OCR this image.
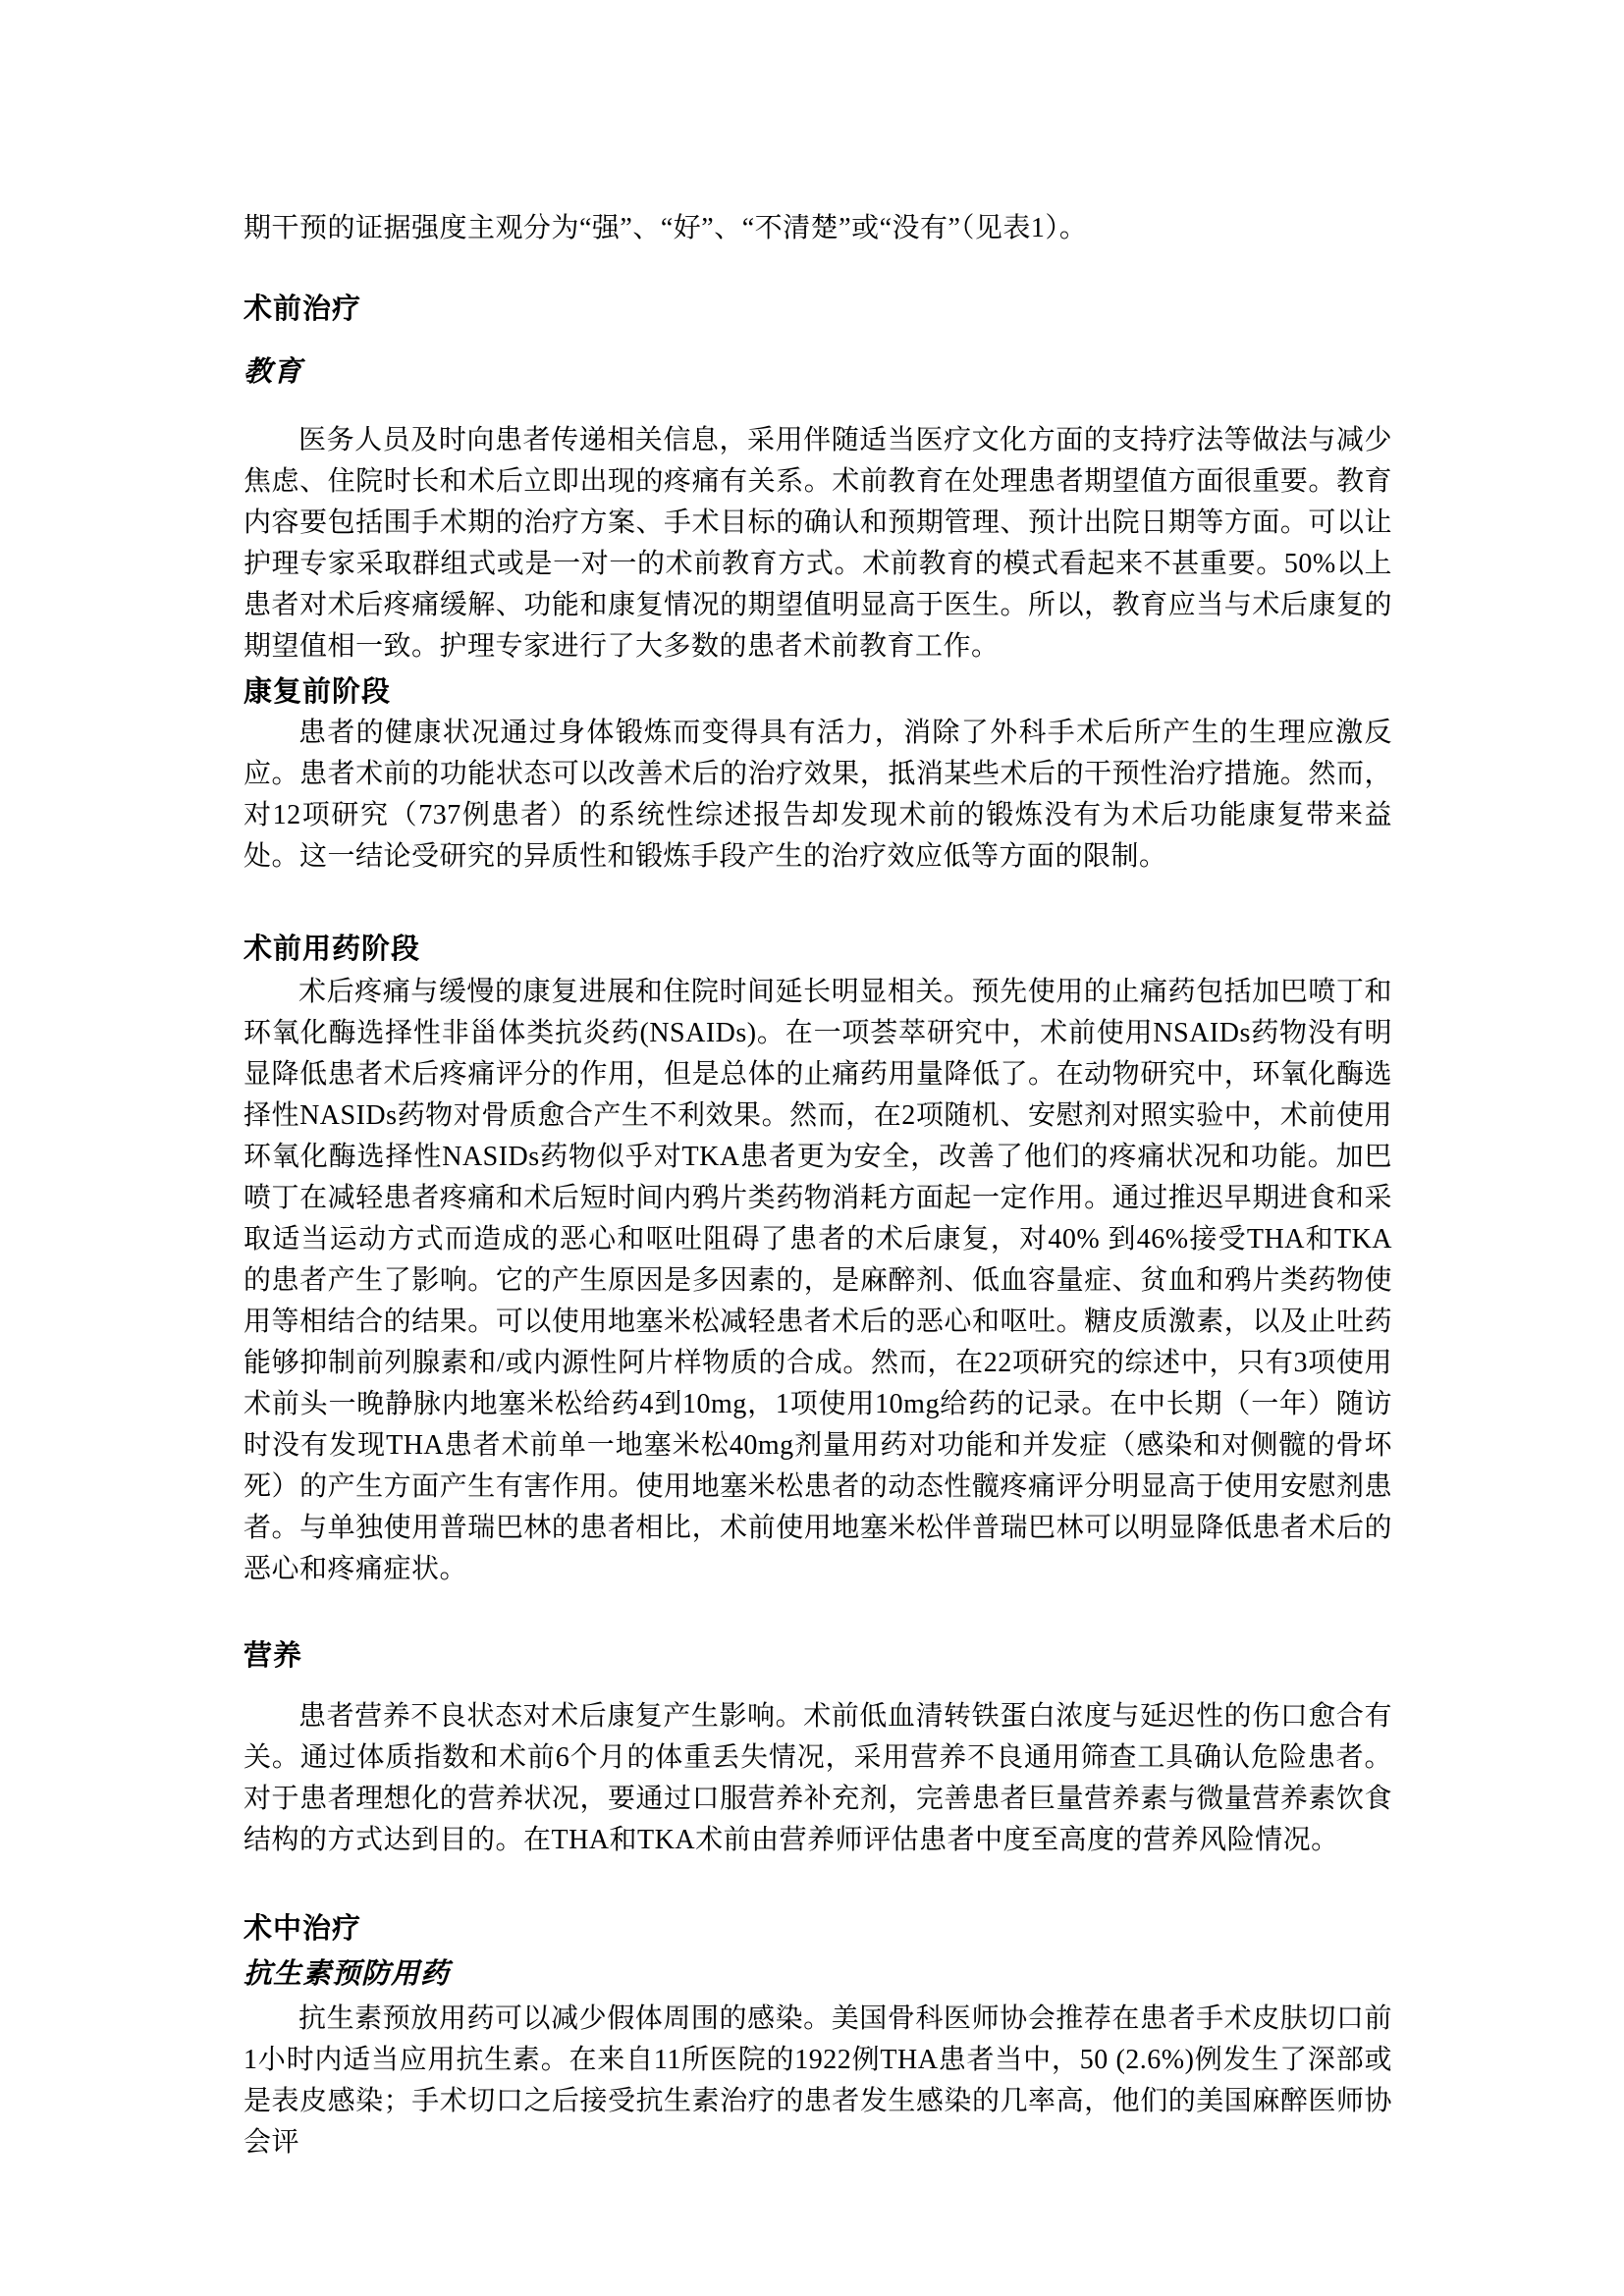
期干预的证据强度主观分为“强”、“好”、“不清楚”或“没有”（见表1）。

术前治疗
教育

医务人员及时向患者传递相关信息，采用伴随适当医疗文化方面的支持疗法等做法与减少焦虑、住院时长和术后立即出现的疼痛有关系。术前教育在处理患者期望值方面很重要。教育内容要包括围手术期的治疗方案、手术目标的确认和预期管理、预计出院日期等方面。可以让护理专家采取群组式或是一对一的术前教育方式。术前教育的模式看起来不甚重要。50%以上患者对术后疼痛缓解、功能和康复情况的期望值明显高于医生。所以，教育应当与术后康复的期望值相一致。护理专家进行了大多数的患者术前教育工作。

康复前阶段

患者的健康状况通过身体锻炼而变得具有活力，消除了外科手术后所产生的生理应激反应。患者术前的功能状态可以改善术后的治疗效果，抵消某些术后的干预性治疗措施。然而，对12项研究（737例患者）的系统性综述报告却发现术前的锻炼没有为术后功能康复带来益处。这一结论受研究的异质性和锻炼手段产生的治疗效应低等方面的限制。

术前用药阶段

术后疼痛与缓慢的康复进展和住院时间延长明显相关。预先使用的止痛药包括加巴喷丁和环氧化酶选择性非甾体类抗炎药(NSAIDs)。在一项荟萃研究中，术前使用NSAIDs药物没有明显降低患者术后疼痛评分的作用，但是总体的止痛药用量降低了。在动物研究中，环氧化酶选择性NASIDs药物对骨质愈合产生不利效果。然而，在2项随机、安慰剂对照实验中，术前使用环氧化酶选择性NASIDs药物似乎对TKA患者更为安全，改善了他们的疼痛状况和功能。加巴喷丁在减轻患者疼痛和术后短时间内鸦片类药物消耗方面起一定作用。通过推迟早期进食和采取适当运动方式而造成的恶心和呕吐阻碍了患者的术后康复，对40% 到46%接受THA和TKA的患者产生了影响。它的产生原因是多因素的，是麻醉剂、低血容量症、贫血和鸦片类药物使用等相结合的结果。可以使用地塞米松减轻患者术后的恶心和呕吐。糖皮质激素，以及止吐药能够抑制前列腺素和/或内源性阿片样物质的合成。然而，在22项研究的综述中，只有3项使用术前头一晚静脉内地塞米松给药4到10mg，1项使用10mg给药的记录。在中长期（一年）随访时没有发现THA患者术前单一地塞米松40mg剂量用药对功能和并发症（感染和对侧髋的骨坏死）的产生方面产生有害作用。使用地塞米松患者的动态性髋疼痛评分明显高于使用安慰剂患者。与单独使用普瑞巴林的患者相比，术前使用地塞米松伴普瑞巴林可以明显降低患者术后的恶心和疼痛症状。

营养

患者营养不良状态对术后康复产生影响。术前低血清转铁蛋白浓度与延迟性的伤口愈合有关。通过体质指数和术前6个月的体重丢失情况，采用营养不良通用筛查工具确认危险患者。对于患者理想化的营养状况，要通过口服营养补充剂，完善患者巨量营养素与微量营养素饮食结构的方式达到目的。在THA和TKA术前由营养师评估患者中度至高度的营养风险情况。

术中治疗
抗生素预防用药

抗生素预放用药可以减少假体周围的感染。美国骨科医师协会推荐在患者手术皮肤切口前1小时内适当应用抗生素。在来自11所医院的1922例THA患者当中，50 (2.6%)例发生了深部或是表皮感染；手术切口之后接受抗生素治疗的患者发生感染的几率高，他们的美国麻醉医师协会评
